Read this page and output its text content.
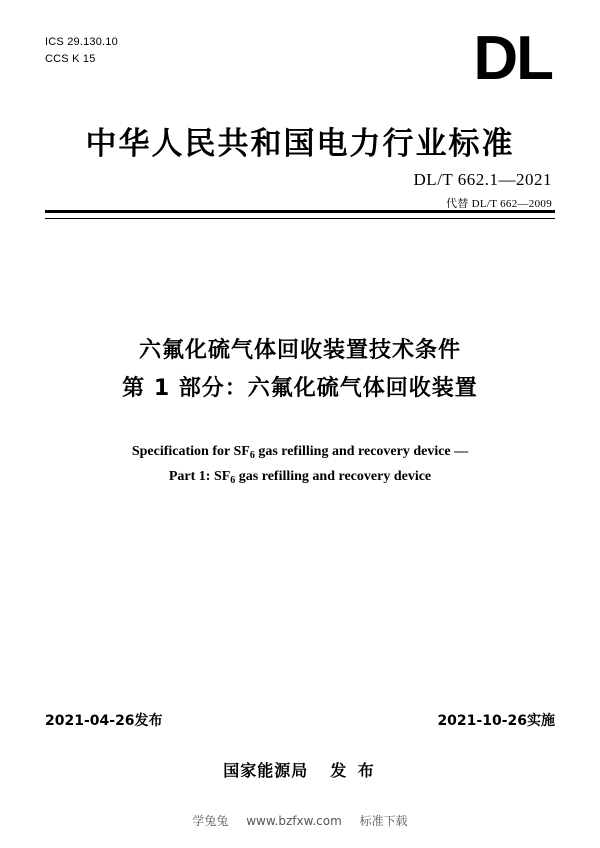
ICS 29.130.10
CCS K 15	DL
中华人民共和国电力行业标准
DL/T 662.1—2021
代替 DL/T 662—2009
六氟化硫气体回收装置技术条件
第 1 部分：六氟化硫气体回收装置
Specification for $SF_6$ gas refilling and recovery device —
Part 1: $SF_6$ gas refilling and recovery device
2021-04-26发布	2021-10-26实施
国家能源局 发 布
学兔兔 www.bzfxw.com 标准下载
